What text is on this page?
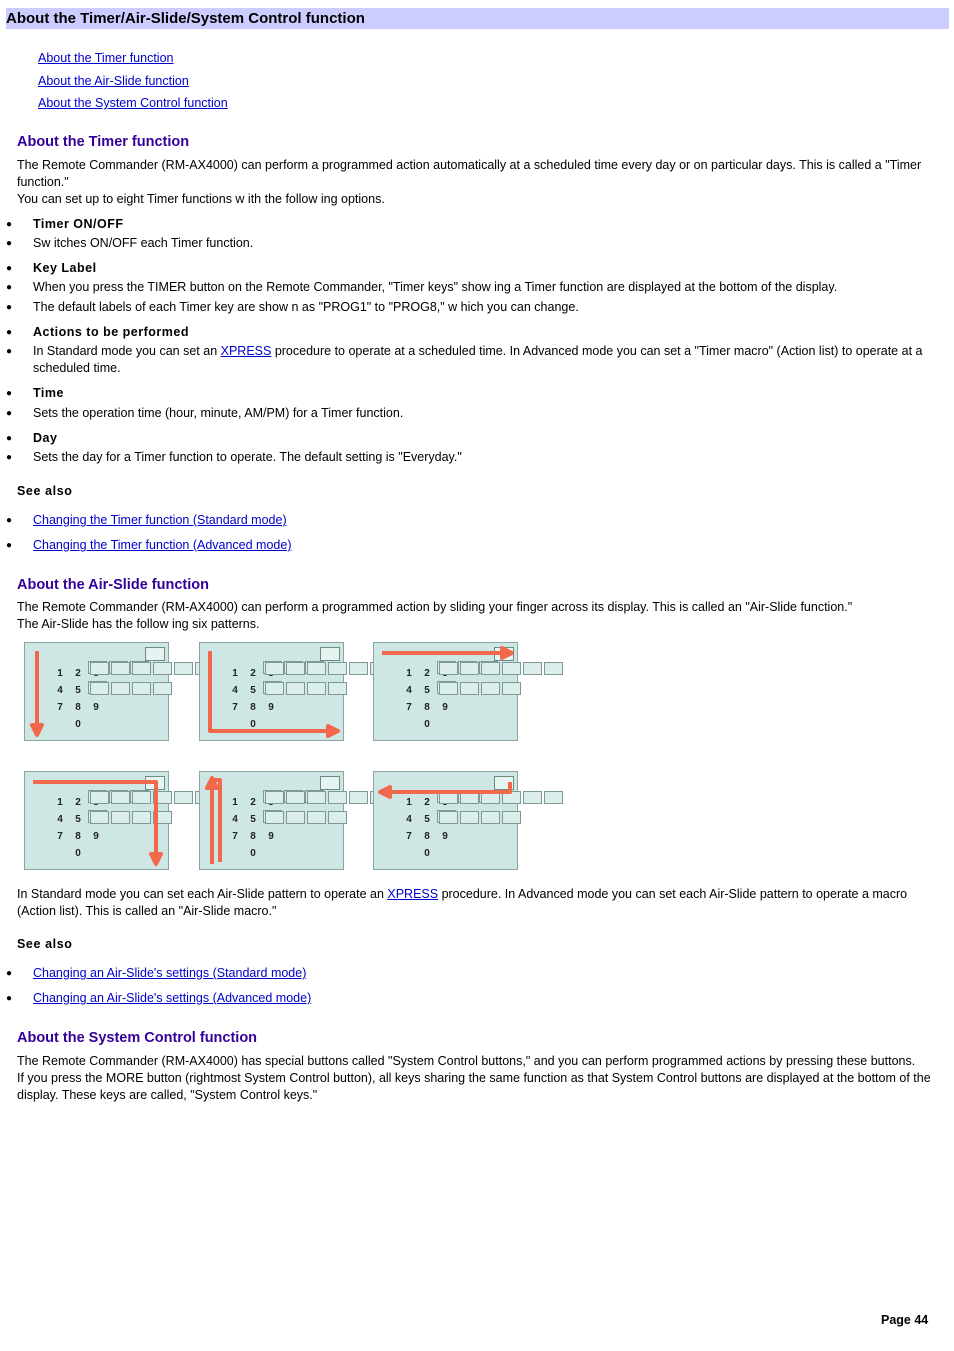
About the Timer/Air-Slide/System Control function
About the Timer function
About the Air-Slide function
About the System Control function
About the Timer function
The Remote Commander (RM-AX4000) can perform a programmed action automatically at a scheduled time every day or on particular days. This is called a "Timer function."
You can set up to eight Timer functions w ith the follow ing options.
● Timer ON/OFF
● Sw itches ON/OFF each Timer function.
● Key Label
● When you press the TIMER button on the Remote Commander, "Timer keys" show ing a Timer function are displayed at the bottom of the display.
● The default labels of each Timer key are show n as "PROG1" to "PROG8," w hich you can change.
● Actions to be performed
● In Standard mode you can set an XPRESS procedure to operate at a scheduled time. In Advanced mode you can set a "Timer macro" (Action list) to operate at a scheduled time.
● Time
● Sets the operation time (hour, minute, AM/PM) for a Timer function.
● Day
● Sets the day for a Timer function to operate. The default setting is "Everyday."
See also
● Changing the Timer function (Standard mode)
● Changing the Timer function (Advanced mode)
About the Air-Slide function
The Remote Commander (RM-AX4000) can perform a programmed action by sliding your finger across its display. This is called an "Air-Slide function."
The Air-Slide has the follow ing six patterns.
1 2
4 5
7 8 9
0
1 2
4 5
7 8 9
0
1 2
4 5
7 8 9
0
1 2
4 5
7 8 9
0
1 2
4 5
7 8 9
0
1 2
4 5
7 8 9
0
In Standard mode you can set each Air-Slide pattern to operate an XPRESS procedure. In Advanced mode you can set each Air-Slide pattern to operate a macro (Action list). This is called an "Air-Slide macro."
See also
● Changing an Air-Slide's settings (Standard mode)
● Changing an Air-Slide's settings (Advanced mode)
About the System Control function
The Remote Commander (RM-AX4000) has special buttons called "System Control buttons," and you can perform programmed actions by pressing these buttons.
If you press the MORE button (rightmost System Control button), all keys sharing the same function as that System Control buttons are displayed at the bottom of the display. These keys are called, "System Control keys."
Page 44
